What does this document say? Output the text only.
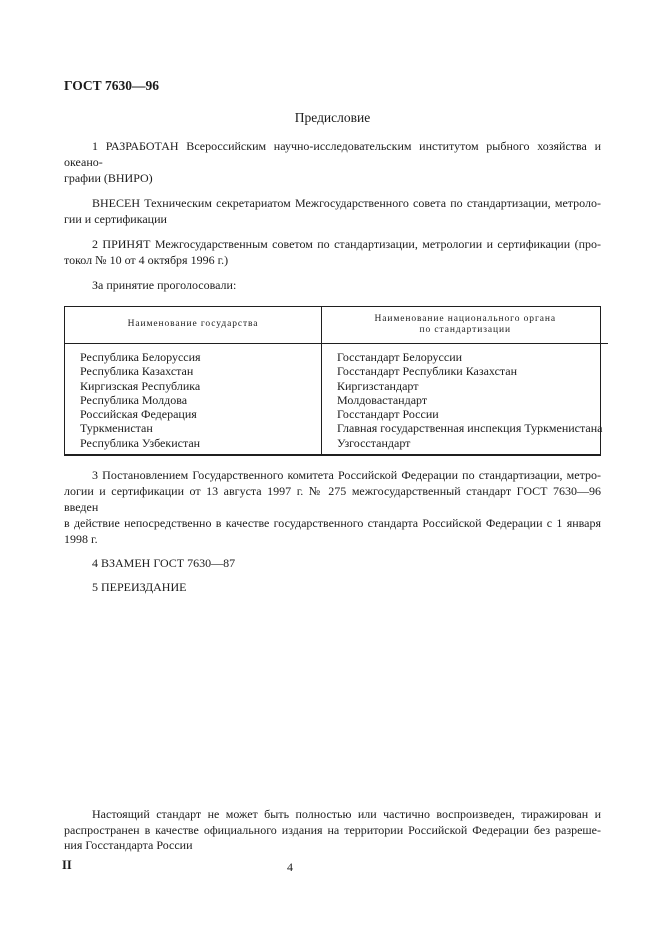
ГОСТ 7630—96
Предисловие
1 РАЗРАБОТАН Всероссийским научно-исследовательским институтом рыбного хозяйства и океано-
графии (ВНИРО)
ВНЕСЕН Техническим секретариатом Межгосударственного совета по стандартизации, метроло-
гии и сертификации
2 ПРИНЯТ Межгосударственным советом по стандартизации, метрологии и сертификации (про-
токол № 10 от 4 октября 1996 г.)
За принятие проголосовали:
Наименование государства
Наименование национального органа
по стандартизации
Республика Белоруссия
Республика Казахстан
Киргизская Республика
Республика Молдова
Российская Федерация
Туркменистан
Республика Узбекистан
Госстандарт Белоруссии
Госстандарт Республики Казахстан
Киргизстандарт
Молдовастандарт
Госстандарт России
Главная государственная инспекция Туркменистана
Узгосстандарт
3 Постановлением Государственного комитета Российской Федерации по стандартизации, метро-
логии и сертификации от 13 августа 1997 г. № 275 межгосударственный стандарт ГОСТ 7630—96 введен
в действие непосредственно в качестве государственного стандарта Российской Федерации с 1 января
1998 г.
4 ВЗАМЕН ГОСТ 7630—87
5 ПЕРЕИЗДАНИЕ
Настоящий стандарт не может быть полностью или частично воспроизведен, тиражирован и
распространен в качестве официального издания на территории Российской Федерации без разреше-
ния Госстандарта России
II	4
